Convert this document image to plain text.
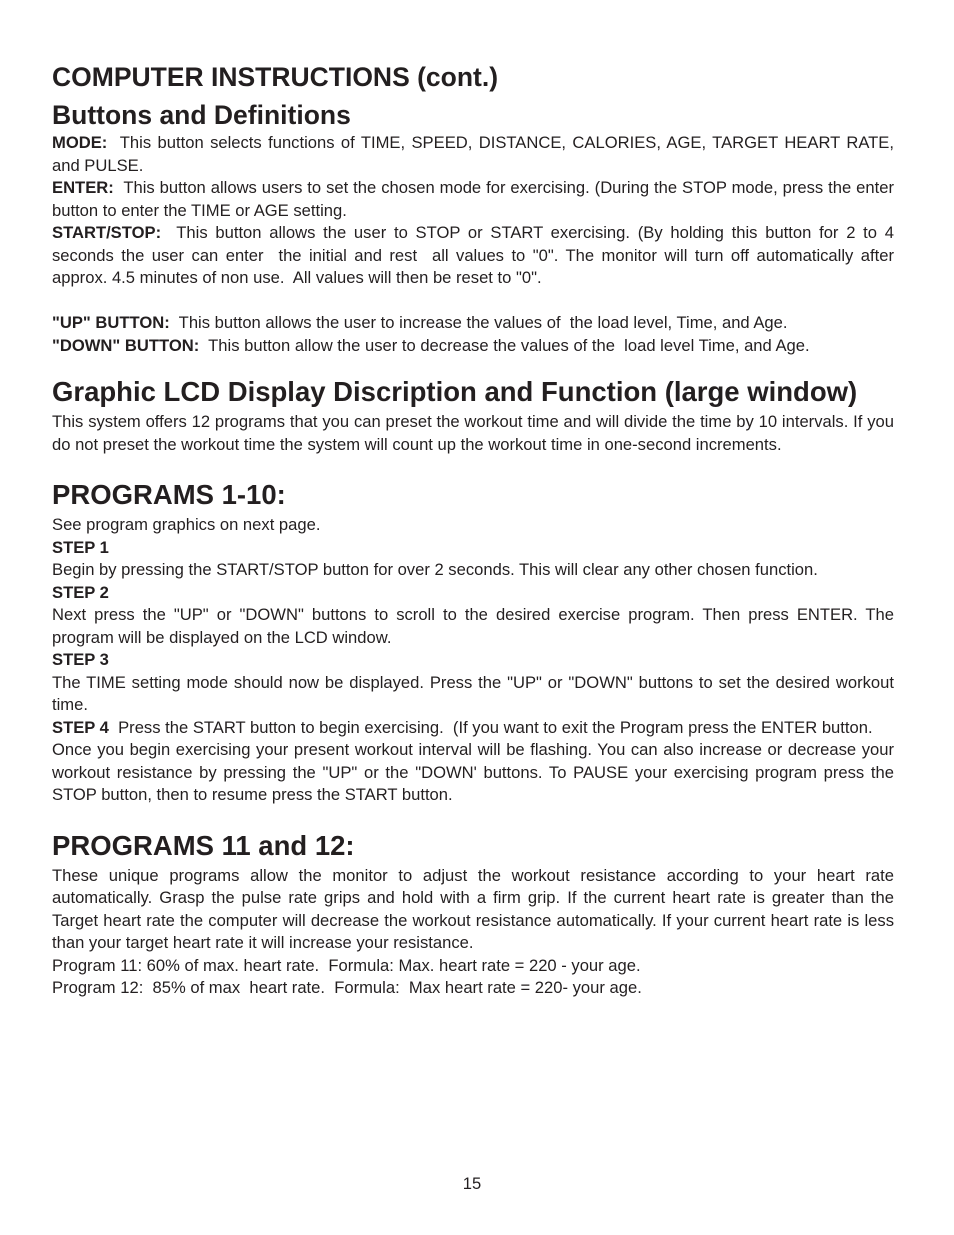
COMPUTER INSTRUCTIONS (cont.)
Buttons and Definitions

MODE:  This button selects functions of TIME, SPEED, DISTANCE, CALORIES, AGE, TARGET HEART RATE, and PULSE.

ENTER:  This button allows users to set the chosen mode for exercising. (During the STOP mode, press the enter button to enter the TIME or AGE setting.

START/STOP:  This button allows the user to STOP or START exercising. (By holding this button for 2 to 4 seconds the user can enter  the initial and rest  all values to "0". The monitor will turn off automatically after approx. 4.5 minutes of non use.  All values will then be reset to "0".

"UP" BUTTON:  This button allows the user to increase the values of  the load level, Time, and Age.

"DOWN" BUTTON:  This button allow the user to decrease the values of the  load level Time, and Age.

Graphic LCD Display Discription and Function (large window)

This system offers 12 programs that you can preset the workout time and will divide the time by 10 intervals. If you do not preset the workout time the system will count up the workout time in one-second increments.

PROGRAMS 1-10:

See program graphics on next page.

STEP 1

Begin by pressing the START/STOP button for over 2 seconds. This will clear any other chosen function.

STEP 2

Next press the "UP" or "DOWN" buttons to scroll to the desired exercise program. Then press ENTER. The program will be displayed on the LCD window.

STEP 3

The TIME setting mode should now be displayed. Press the "UP" or "DOWN" buttons to set the desired workout time.

STEP 4  Press the START button to begin exercising.  (If you want to exit the Program press the ENTER button.

Once you begin exercising your present workout interval will be flashing. You can also increase or decrease your workout resistance by pressing the "UP" or the "DOWN' buttons. To PAUSE your exercising program press the STOP button, then to resume press the START button.

PROGRAMS 11 and 12:

These unique programs allow the monitor to adjust the workout resistance according to your heart rate automatically. Grasp the pulse rate grips and hold with a firm grip. If the current heart rate is greater than the Target heart rate the computer will decrease the workout resistance automatically. If your current heart rate is less than your target heart rate it will increase your resistance.

Program 11: 60% of max. heart rate.  Formula: Max. heart rate = 220 - your age.

Program 12:  85% of max  heart rate.  Formula:  Max heart rate = 220- your age.

15
